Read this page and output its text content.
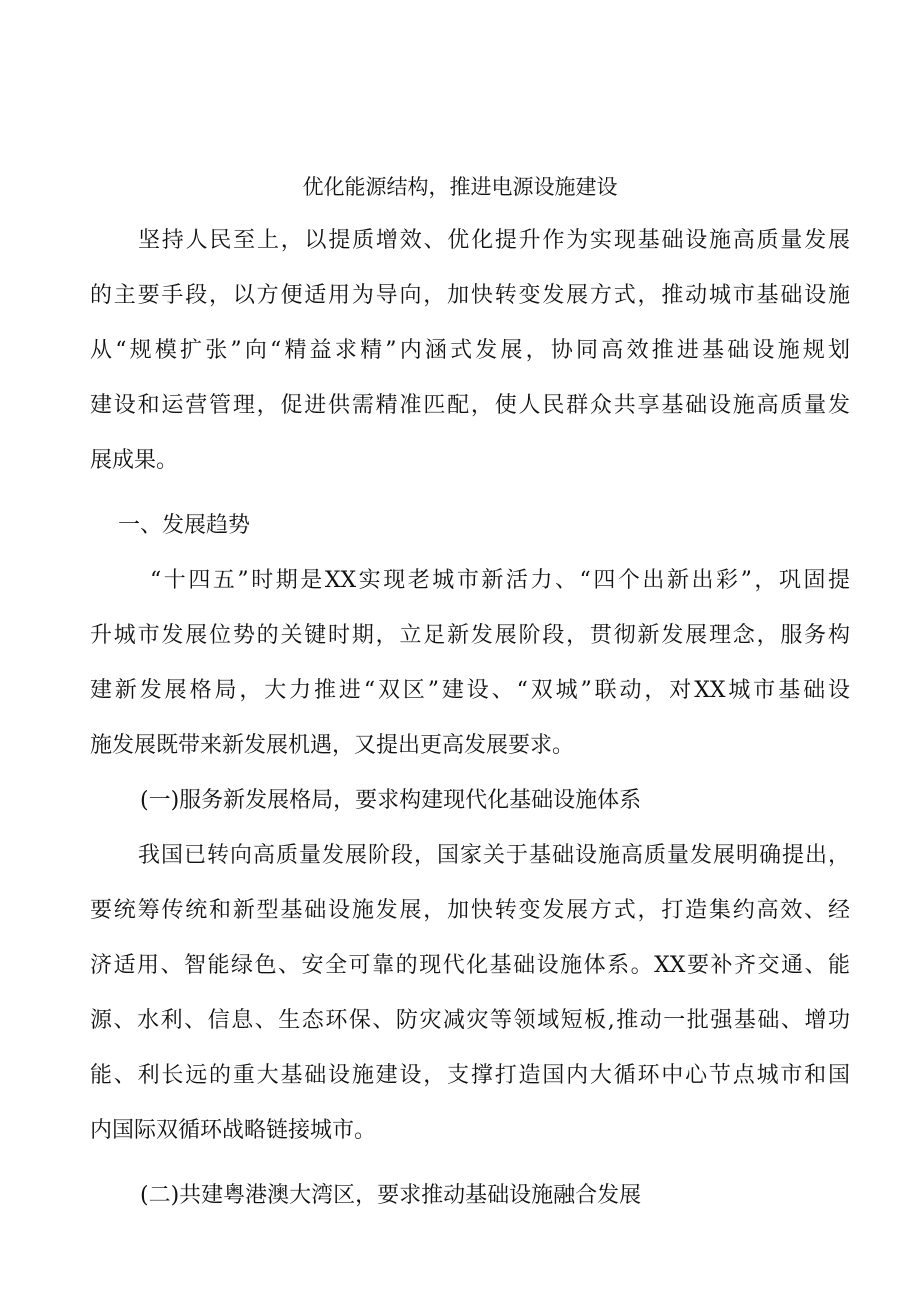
优化能源结构，推进电源设施建设
坚持人民至上，以提质增效、优化提升作为实现基础设施高质量发展
的主要手段，以方便适用为导向，加快转变发展方式，推动城市基础设施
从“规模扩张”向“精益求精”内涵式发展，协同高效推进基础设施规划
建设和运营管理，促进供需精准匹配，使人民群众共享基础设施高质量发
展成果。
一、发展趋势
“十四五”时期是XX实现老城市新活力、“四个出新出彩”，巩固提
升城市发展位势的关键时期，立足新发展阶段，贯彻新发展理念，服务构
建新发展格局，大力推进“双区”建设、“双城”联动，对XX城市基础设
施发展既带来新发展机遇，又提出更高发展要求。
(一)服务新发展格局，要求构建现代化基础设施体系
我国已转向高质量发展阶段，国家关于基础设施高质量发展明确提出，
要统筹传统和新型基础设施发展，加快转变发展方式，打造集约高效、经
济适用、智能绿色、安全可靠的现代化基础设施体系。XX要补齐交通、能
源、水利、信息、生态环保、防灾减灾等领域短板,推动一批强基础、增功
能、利长远的重大基础设施建设，支撑打造国内大循环中心节点城市和国
内国际双循环战略链接城市。
(二)共建粤港澳大湾区，要求推动基础设施融合发展
